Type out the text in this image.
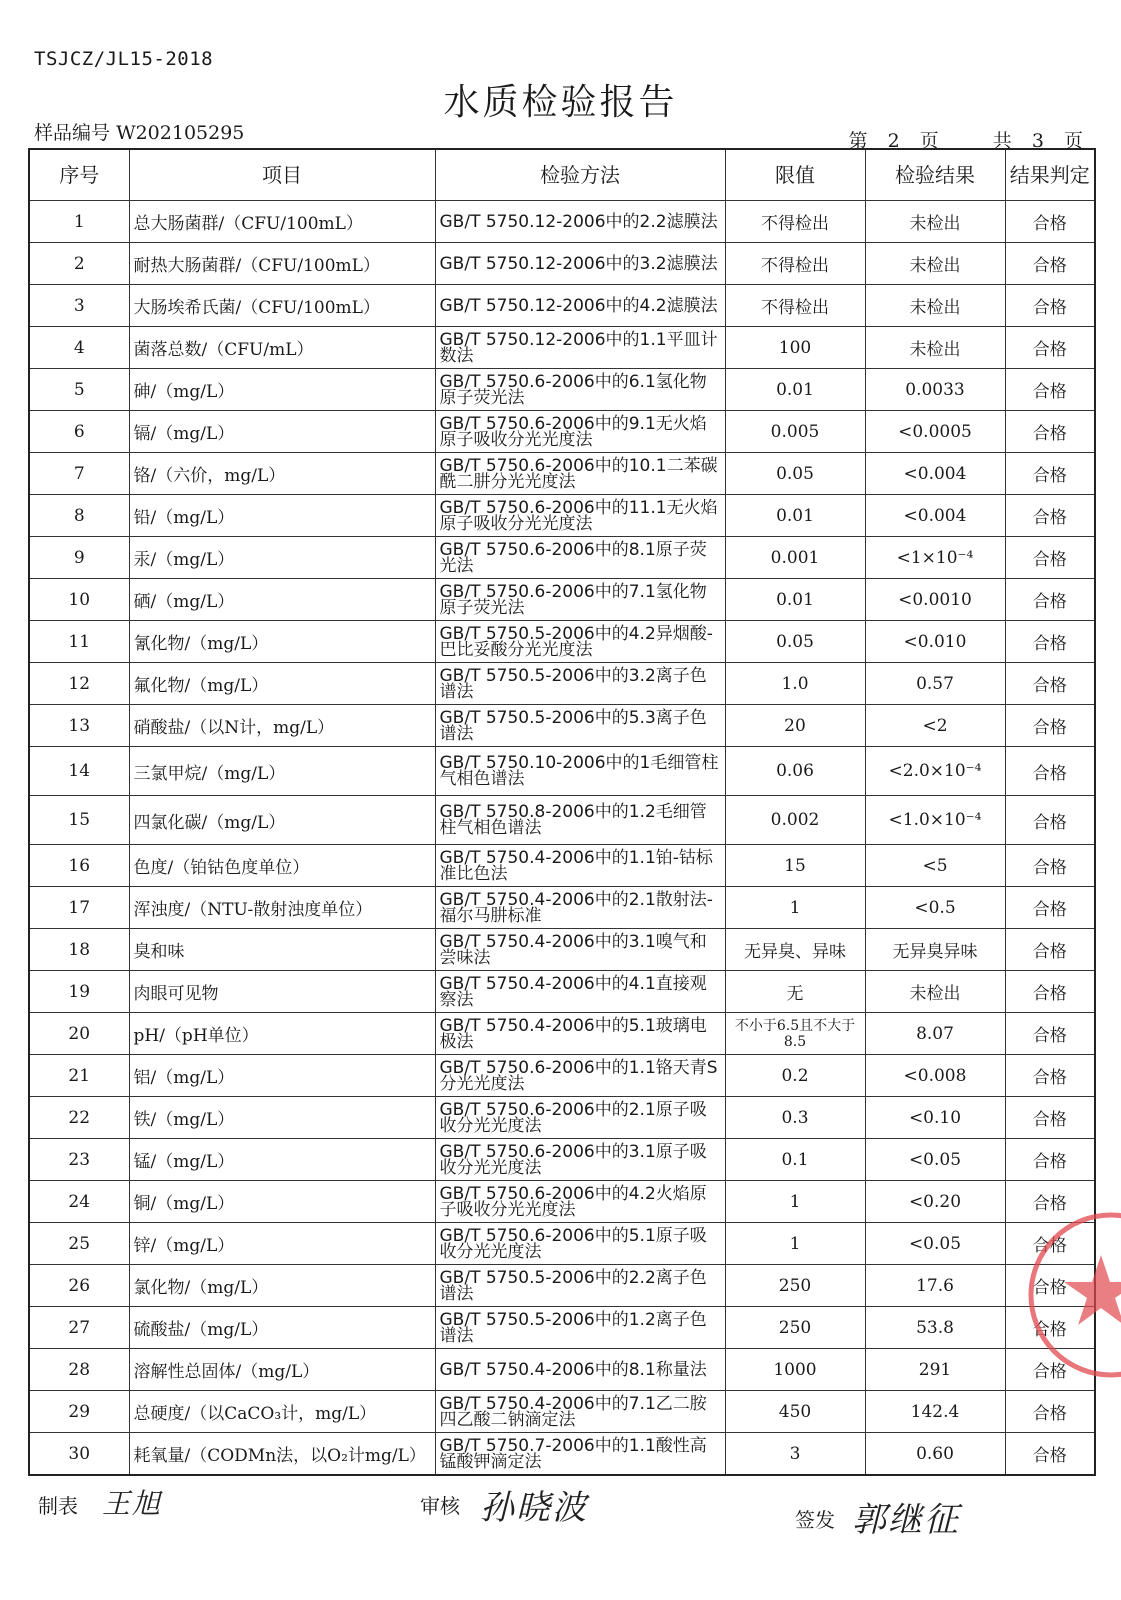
TSJCZ/JL15-2018
水质检验报告
样品编号 W202105295	第 2 页	共 3 页
序号	项目	检验方法	限值	检验结果	结果判定
1	总大肠菌群/（CFU/100mL）	GB/T 5750.12-2006中的2.2滤膜法	不得检出	未检出	合格
2	耐热大肠菌群/（CFU/100mL）	GB/T 5750.12-2006中的3.2滤膜法	不得检出	未检出	合格
3	大肠埃希氏菌/（CFU/100mL）	GB/T 5750.12-2006中的4.2滤膜法	不得检出	未检出	合格
4	菌落总数/（CFU/mL）	GB/T 5750.12-2006中的1.1平皿计数法	100	未检出	合格
5	砷/（mg/L）	GB/T 5750.6-2006中的6.1氢化物原子荧光法	0.01	0.0033	合格
6	镉/（mg/L）	GB/T 5750.6-2006中的9.1无火焰原子吸收分光光度法	0.005	<0.0005	合格
7	铬/（六价，mg/L）	GB/T 5750.6-2006中的10.1二苯碳酰二肼分光光度法	0.05	<0.004	合格
8	铅/（mg/L）	GB/T 5750.6-2006中的11.1无火焰原子吸收分光光度法	0.01	<0.004	合格
9	汞/（mg/L）	GB/T 5750.6-2006中的8.1原子荧光法	0.001	<1×10⁻⁴	合格
10	硒/（mg/L）	GB/T 5750.6-2006中的7.1氢化物原子荧光法	0.01	<0.0010	合格
11	氰化物/（mg/L）	GB/T 5750.5-2006中的4.2异烟酸-巴比妥酸分光光度法	0.05	<0.010	合格
12	氟化物/（mg/L）	GB/T 5750.5-2006中的3.2离子色谱法	1.0	0.57	合格
13	硝酸盐/（以N计，mg/L）	GB/T 5750.5-2006中的5.3离子色谱法	20	<2	合格
14	三氯甲烷/（mg/L）	GB/T 5750.10-2006中的1毛细管柱气相色谱法	0.06	<2.0×10⁻⁴	合格
15	四氯化碳/（mg/L）	GB/T 5750.8-2006中的1.2毛细管柱气相色谱法	0.002	<1.0×10⁻⁴	合格
16	色度/（铂钴色度单位）	GB/T 5750.4-2006中的1.1铂-钴标准比色法	15	<5	合格
17	浑浊度/（NTU-散射浊度单位）	GB/T 5750.4-2006中的2.1散射法-福尔马肼标准	1	<0.5	合格
18	臭和味	GB/T 5750.4-2006中的3.1嗅气和尝味法	无异臭、异味	无异臭异味	合格
19	肉眼可见物	GB/T 5750.4-2006中的4.1直接观察法	无	未检出	合格
20	pH/（pH单位）	GB/T 5750.4-2006中的5.1玻璃电极法	不小于6.5且不大于8.5	8.07	合格
21	铝/（mg/L）	GB/T 5750.6-2006中的1.1铬天青S分光光度法	0.2	<0.008	合格
22	铁/（mg/L）	GB/T 5750.6-2006中的2.1原子吸收分光光度法	0.3	<0.10	合格
23	锰/（mg/L）	GB/T 5750.6-2006中的3.1原子吸收分光光度法	0.1	<0.05	合格
24	铜/（mg/L）	GB/T 5750.6-2006中的4.2火焰原子吸收分光光度法	1	<0.20	合格
25	锌/（mg/L）	GB/T 5750.6-2006中的5.1原子吸收分光光度法	1	<0.05	合格
26	氯化物/（mg/L）	GB/T 5750.5-2006中的2.2离子色谱法	250	17.6	合格
27	硫酸盐/（mg/L）	GB/T 5750.5-2006中的1.2离子色谱法	250	53.8	合格
28	溶解性总固体/（mg/L）	GB/T 5750.4-2006中的8.1称量法	1000	291	合格
29	总硬度/（以CaCO₃计，mg/L）	GB/T 5750.4-2006中的7.1乙二胺四乙酸二钠滴定法	450	142.4	合格
30	耗氧量/（CODMn法，以O₂计mg/L）	GB/T 5750.7-2006中的1.1酸性高锰酸钾滴定法	3	0.60	合格
制表 王旭	审核 孙晓波	签发 郭继征
